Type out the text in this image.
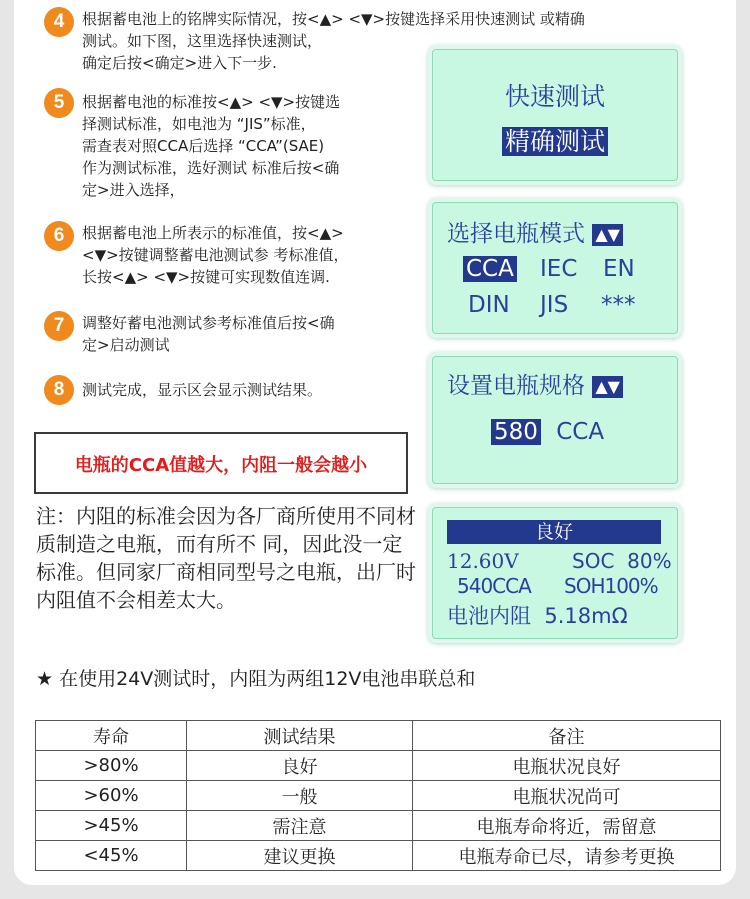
4	根据蓄电池上的铭牌实际情况，按<▲> <▼>按键选择采用快速测试 或精确
测试。如下图，这里选择快速测试，
确定后按<确定>进入下一步.
5	根据蓄电池的标准按<▲> <▼>按键选
择测试标准，如电池为 “JIS”标准，
需查表对照CCA后选择 “CCA”(SAE)
作为测试标准，选好测试 标准后按<确
定>进入选择，
6	根据蓄电池上所表示的标准值，按<▲>
<▼>按键调整蓄电池测试参 考标准值，
长按<▲> <▼>按键可实现数值连调.
7	调整好蓄电池测试参考标准值后按<确
定>启动测试
8	测试完成，显示区会显示测试结果。
快速测试
精确测试
选择电瓶模式 ▲▼
CCA IEC EN
DIN JIS ***
设置电瓶规格 ▲▼
580 CCA
良好
12.60V	SOC  80%
540CCA SOH100%
电池内阻  5.18mΩ
电瓶的CCA值越大，内阻一般会越小
注：内阻的标准会因为各厂商所使用不同材质制造之电瓶，而有所不 同，因此没一定标准。但同家厂商相同型号之电瓶，出厂时内阻值不会相差太大。
★ 在使用24V测试时，内阻为两组12V电池串联总和
寿命	测试结果	备注
>80%	良好	电瓶状况良好
>60%	一般	电瓶状况尚可
>45%	需注意	电瓶寿命将近，需留意
<45%	建议更换	电瓶寿命已尽，请参考更换
